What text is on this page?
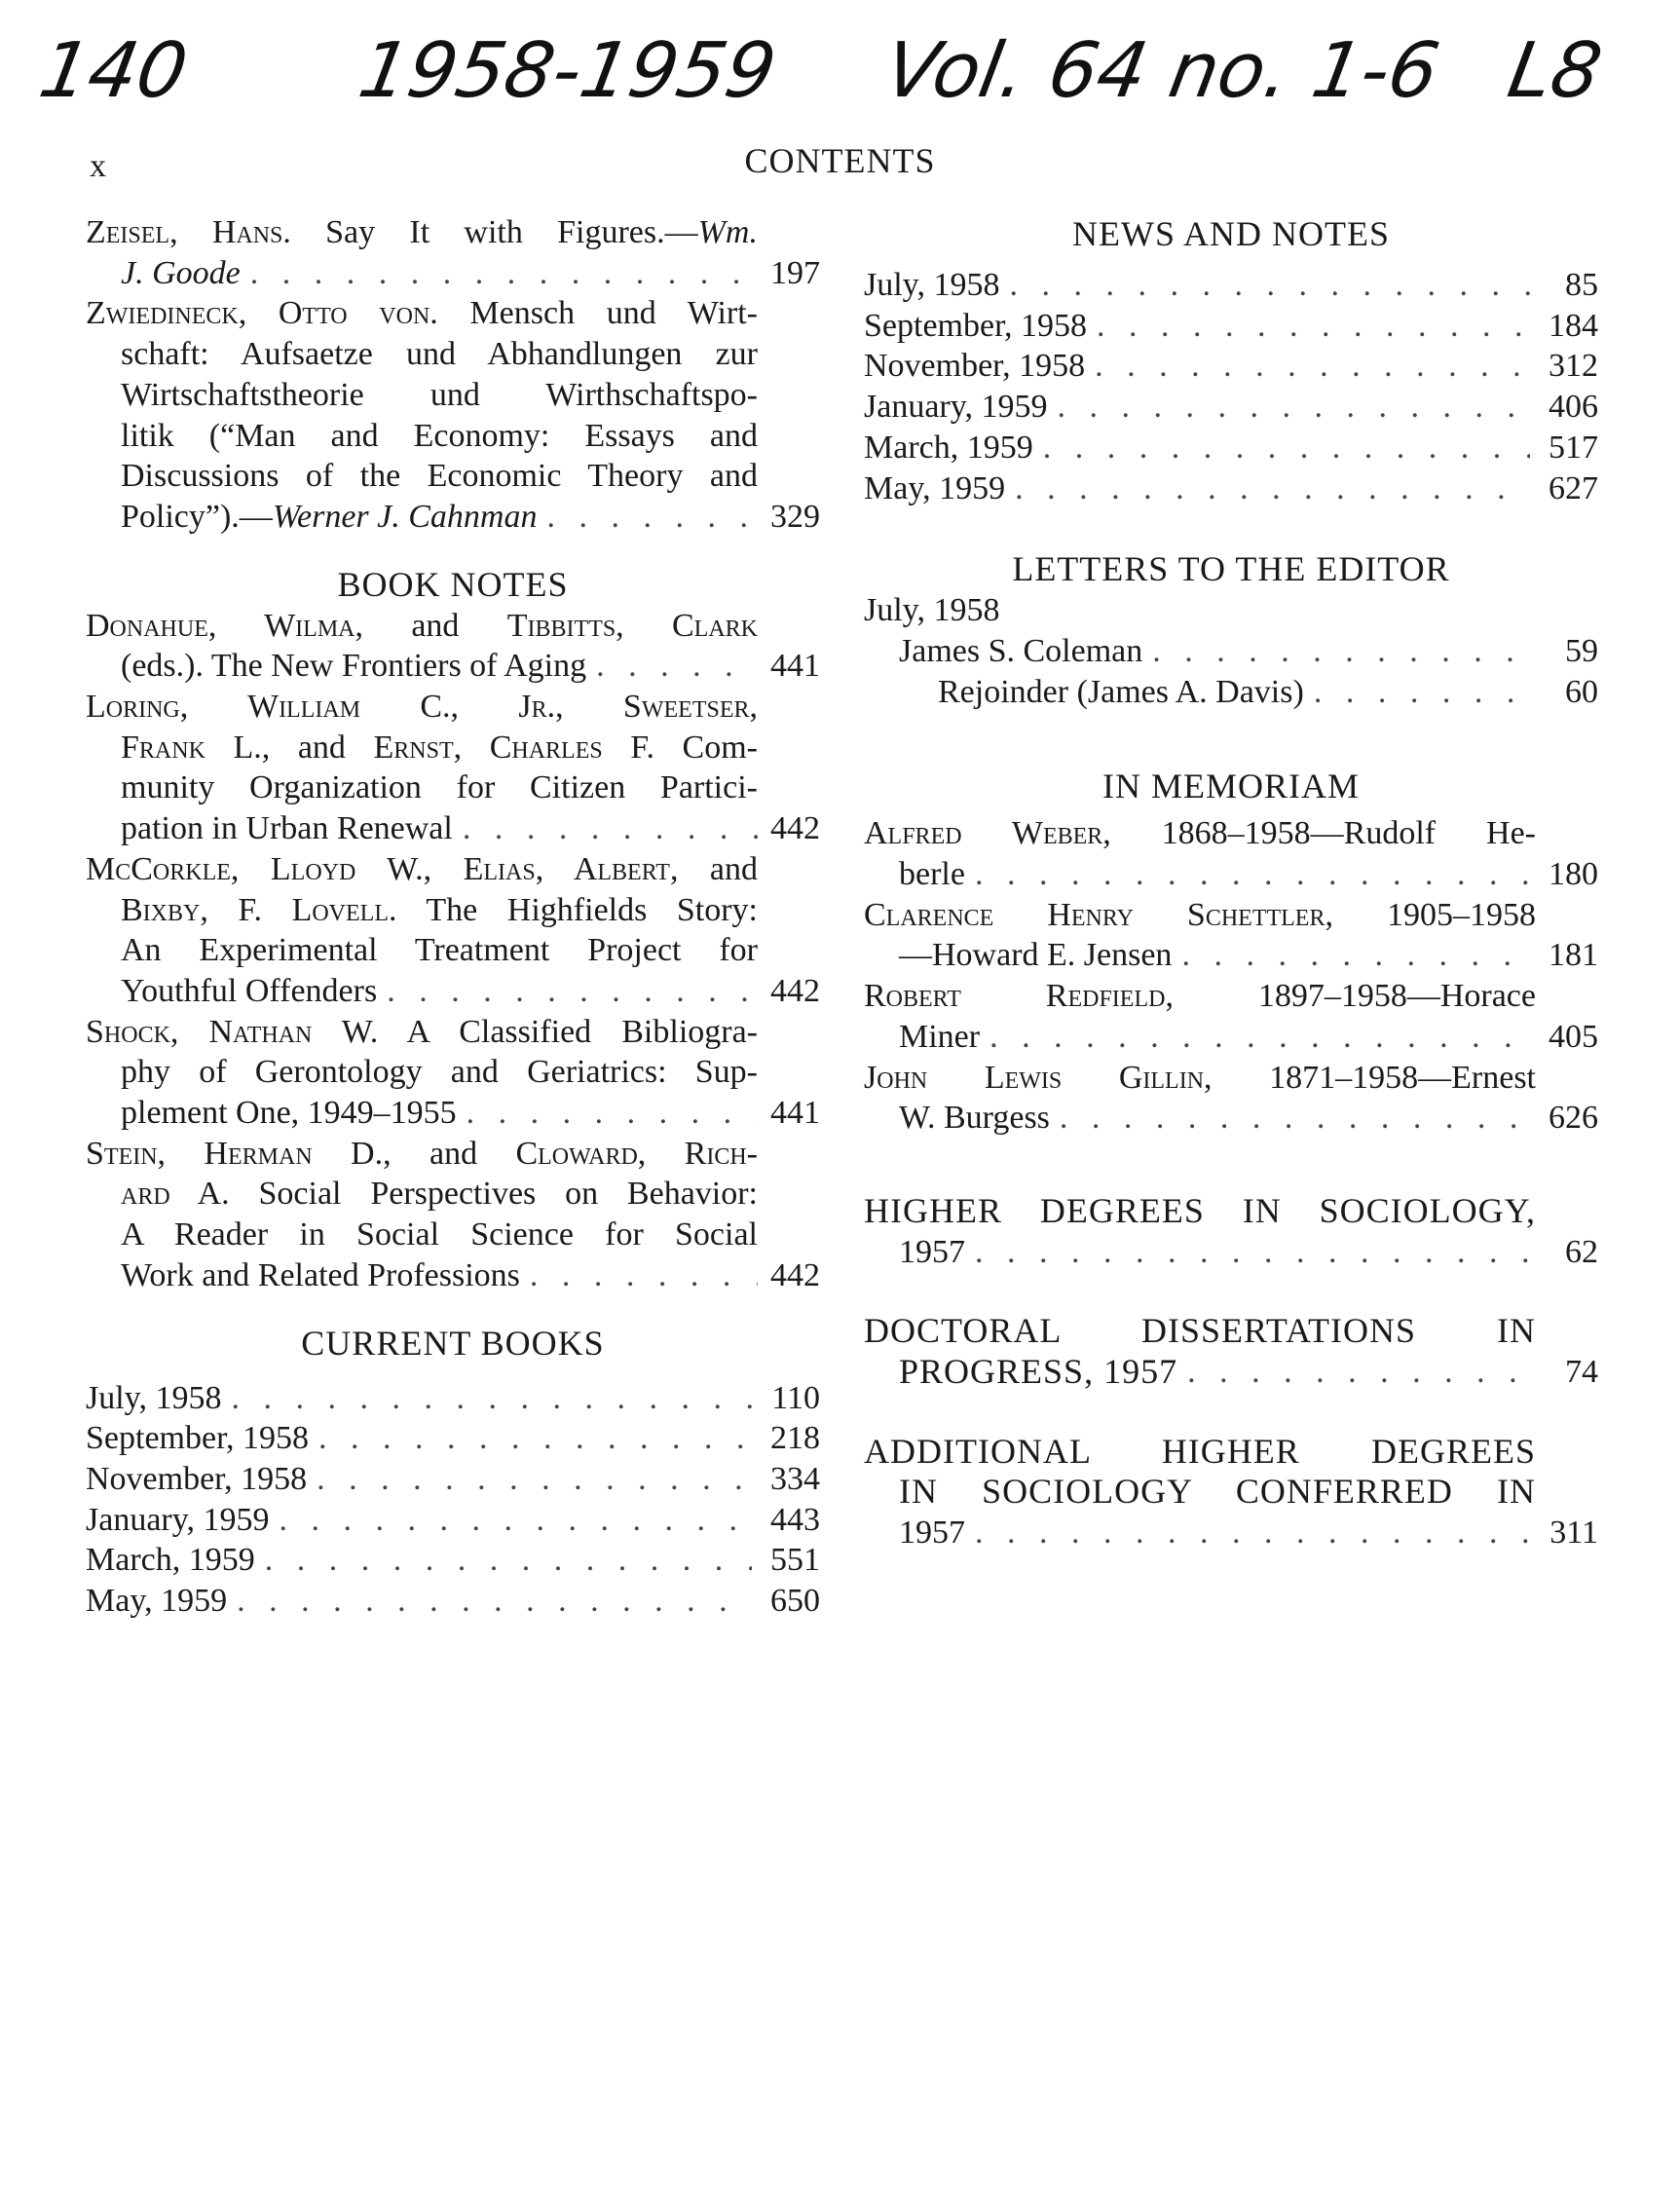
140 1958-1959 Vol. 64 no. 1-6 L8
x	CONTENTS
Zeisel, Hans. Say It with Figures.—Wm.
J. Goode . . .	197
Zwiedineck, Otto von. Mensch und Wirt-
schaft: Aufsaetze und Abhandlungen zur
Wirtschaftstheorie und Wirthschaftspo-
litik (“Man and Economy: Essays and
Discussions of the Economic Theory and
Policy”).—Werner J. Cahnman . . .	329
BOOK NOTES
Donahue, Wilma, and Tibbitts, Clark
(eds.). The New Frontiers of Aging . . .	441
Loring, William C., Jr., Sweetser,
Frank L., and Ernst, Charles F. Com-
munity Organization for Citizen Partici-
pation in Urban Renewal . . .	442
McCorkle, Lloyd W., Elias, Albert, and
Bixby, F. Lovell. The Highfields Story:
An Experimental Treatment Project for
Youthful Offenders . . .	442
Shock, Nathan W. A Classified Bibliogra-
phy of Gerontology and Geriatrics: Sup-
plement One, 1949–1955 . . .	441
Stein, Herman D., and Cloward, Rich-
ard A. Social Perspectives on Behavior:
A Reader in Social Science for Social
Work and Related Professions . . .	442
CURRENT BOOKS
July, 1958 . . .	110
September, 1958 . . .	218
November, 1958 . . .	334
January, 1959 . . .	443
March, 1959 . . .	551
May, 1959 . . .	650
NEWS AND NOTES
July, 1958 . . .	85
September, 1958 . . .	184
November, 1958 . . .	312
January, 1959 . . .	406
March, 1959 . . .	517
May, 1959 . . .	627
LETTERS TO THE EDITOR
July, 1958
James S. Coleman . . .	59
Rejoinder (James A. Davis) . . .	60
IN MEMORIAM
Alfred Weber, 1868–1958—Rudolf He-
berle . . .	180
Clarence Henry Schettler, 1905–1958
—Howard E. Jensen . . .	181
Robert Redfield, 1897–1958—Horace
Miner . . .	405
John Lewis Gillin, 1871–1958—Ernest
W. Burgess . . .	626
HIGHER DEGREES IN SOCIOLOGY,
1957 . . .	62
DOCTORAL DISSERTATIONS IN
PROGRESS, 1957 . . .	74
ADDITIONAL HIGHER DEGREES
IN SOCIOLOGY CONFERRED IN
1957 . . .	311
